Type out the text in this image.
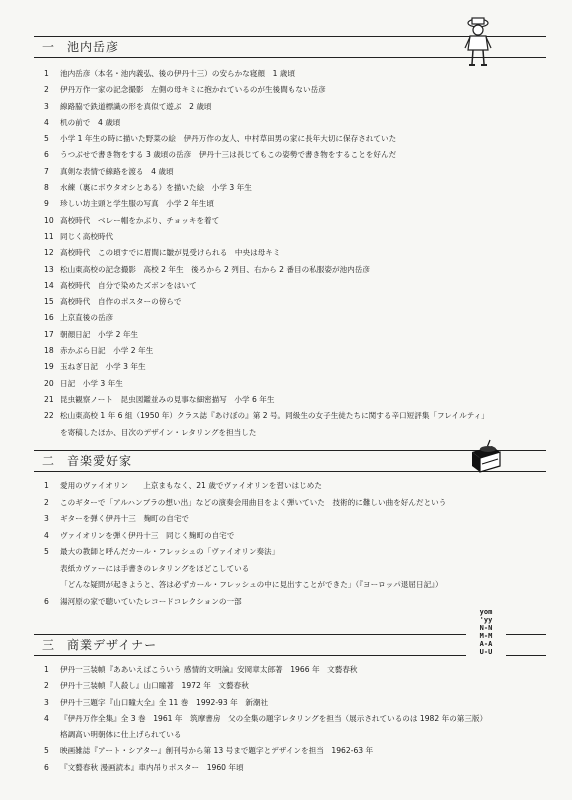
一 池内岳彦
1	池内岳彦（本名・池内義弘、後の伊丹十三）の安らかな寝顔　1 歳頃
2	伊丹万作一家の記念撮影　左側の母キミに抱かれているのが生後間もない岳彦
3	線路脇で鉄道標識の形を真似て遊ぶ　2 歳頃
4	机の前で　4 歳頃
5	小学 1 年生の時に描いた野菜の絵　伊丹万作の友人、中村草田男の家に長年大切に保存されていた
6	うつぶせで書き物をする 3 歳頃の岳彦　伊丹十三は長じてもこの姿勢で書き物をすることを好んだ
7	真剣な表情で線路を渡る　4 歳頃
8	水練（裏にボウタオシとある）を描いた絵　小学 3 年生
9	珍しい坊主頭と学生服の写真　小学 2 年生頃
10 高校時代　ベレー帽をかぶり、チョッキを着て
11 同じく高校時代
12 高校時代　この頃すでに眉間に皺が見受けられる　中央は母キミ
13 松山東高校の記念撮影　高校 2 年生　後ろから 2 列目、右から 2 番目の私服姿が池内岳彦
14 高校時代　自分で染めたズボンをはいて
15 高校時代　自作のポスターの傍らで
16 上京直後の岳彦
17 朝顔日記　小学 2 年生
18 赤かぶら日記　小学 2 年生
19 玉ねぎ日記　小学 3 年生
20 日記　小学 3 年生
21 昆虫観察ノート　昆虫図鑑並みの見事な細密描写　小学 6 年生
22 松山東高校 1 年 6 組（1950 年）クラス誌『あけぼの』第 2 号。同級生の女子生徒たちに関する辛口短評集「フレイルティ」
を寄稿したほか、目次のデザイン・レタリングを担当した
二 音楽愛好家
1	愛用のヴァイオリン　　上京まもなく、21 歳でヴァイオリンを習いはじめた
2	このギターで「アルハンブラの想い出」などの演奏会用曲目をよく弾いていた　技術的に難しい曲を好んだという
3	ギターを弾く伊丹十三　麹町の自宅で
4	ヴァイオリンを弾く伊丹十三　同じく麹町の自宅で
5	最大の教師と呼んだカール・フレッシュの「ヴァイオリン奏法」
表紙カヴァーには手書きのレタリングをほどこしている
「どんな疑問が起きようと、答は必ずカール・フレッシュの中に見出すことができた」（『ヨーロッパ退屈日記』）
6	湯河原の家で聴いていたレコードコレクションの一部
三 商業デザイナー
yom
'yy
N-N
M-M
A-A
U-U
1	伊丹一三装幀『ああいえばこういう 感情的文明論』安岡章太郎著　1966 年　文藝春秋
2	伊丹十三装幀『人殺し』山口瞳著　1972 年　文藝春秋
3	伊丹十三題字『山口瞳大全』全 11 巻　1992-93 年　新潮社
4	『伊丹万作全集』全 3 巻　1961 年　筑摩書房　父の全集の題字レタリングを担当（展示されているのは 1982 年の第三版）
格調高い明朝体に仕上げられている
5	映画雑誌『アート・シアター』創刊号から第 13 号まで題字とデザインを担当　1962-63 年
6	『文藝春秋 漫画読本』車内吊りポスター　1960 年頃
